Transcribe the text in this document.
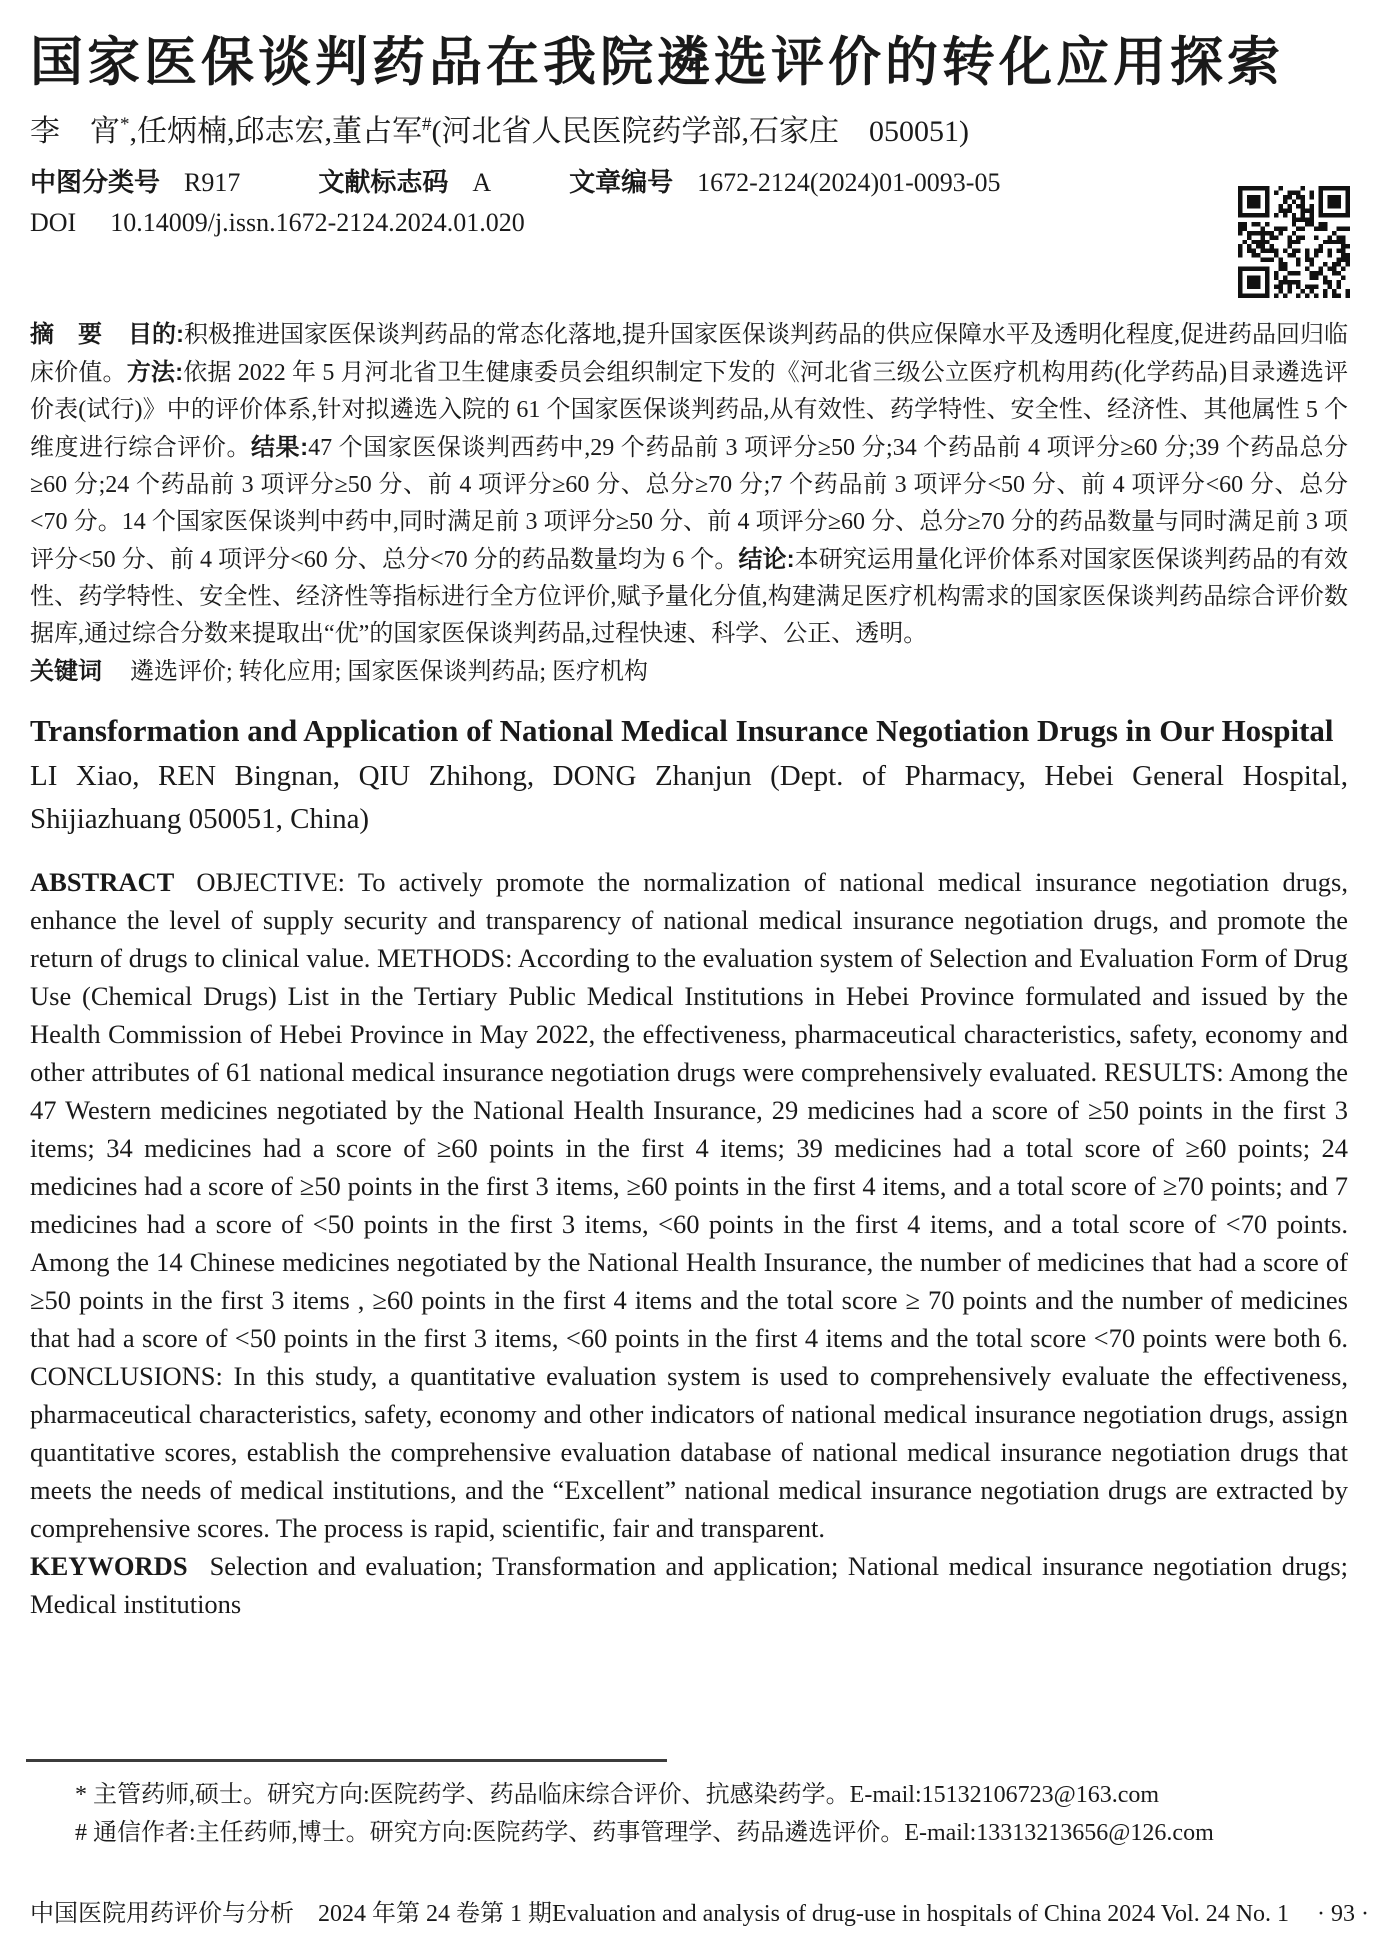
国家医保谈判药品在我院遴选评价的转化应用探索
李　宵*,任炳楠,邱志宏,董占军#(河北省人民医院药学部,石家庄　050051)
中图分类号 R917	文献标志码 A	文章编号 1672-2124(2024)01-0093-05
DOI 10.14009/j.issn.1672-2124.2024.01.020

摘　要 目的:积极推进国家医保谈判药品的常态化落地,提升国家医保谈判药品的供应保障水平及透明化程度,促进药品回归临床价值。方法:依据 2022 年 5 月河北省卫生健康委员会组织制定下发的《河北省三级公立医疗机构用药(化学药品)目录遴选评价表(试行)》中的评价体系,针对拟遴选入院的 61 个国家医保谈判药品,从有效性、药学特性、安全性、经济性、其他属性 5 个维度进行综合评价。结果:47 个国家医保谈判西药中,29 个药品前 3 项评分≥50 分;34 个药品前 4 项评分≥60 分;39 个药品总分≥60 分;24 个药品前 3 项评分≥50 分、前 4 项评分≥60 分、总分≥70 分;7 个药品前 3 项评分<50 分、前 4 项评分<60 分、总分<70 分。14 个国家医保谈判中药中,同时满足前 3 项评分≥50 分、前 4 项评分≥60 分、总分≥70 分的药品数量与同时满足前 3 项评分<50 分、前 4 项评分<60 分、总分<70 分的药品数量均为 6 个。结论:本研究运用量化评价体系对国家医保谈判药品的有效性、药学特性、安全性、经济性等指标进行全方位评价,赋予量化分值,构建满足医疗机构需求的国家医保谈判药品综合评价数据库,通过综合分数来提取出“优”的国家医保谈判药品,过程快速、科学、公正、透明。

关键词 遴选评价; 转化应用; 国家医保谈判药品; 医疗机构

Transformation and Application of National Medical Insurance Negotiation Drugs in Our Hospital
LI Xiao, REN Bingnan, QIU Zhihong, DONG Zhanjun (Dept. of Pharmacy, Hebei General Hospital, Shijiazhuang 050051, China)

ABSTRACT OBJECTIVE: To actively promote the normalization of national medical insurance negotiation drugs, enhance the level of supply security and transparency of national medical insurance negotiation drugs, and promote the return of drugs to clinical value. METHODS: According to the evaluation system of Selection and Evaluation Form of Drug Use (Chemical Drugs) List in the Tertiary Public Medical Institutions in Hebei Province formulated and issued by the Health Commission of Hebei Province in May 2022, the effectiveness, pharmaceutical characteristics, safety, economy and other attributes of 61 national medical insurance negotiation drugs were comprehensively evaluated. RESULTS: Among the 47 Western medicines negotiated by the National Health Insurance, 29 medicines had a score of ≥50 points in the first 3 items; 34 medicines had a score of ≥60 points in the first 4 items; 39 medicines had a total score of ≥60 points; 24 medicines had a score of ≥50 points in the first 3 items, ≥60 points in the first 4 items, and a total score of ≥70 points; and 7 medicines had a score of <50 points in the first 3 items, <60 points in the first 4 items, and a total score of <70 points. Among the 14 Chinese medicines negotiated by the National Health Insurance, the number of medicines that had a score of ≥50 points in the first 3 items , ≥60 points in the first 4 items and the total score ≥ 70 points and the number of medicines that had a score of <50 points in the first 3 items, <60 points in the first 4 items and the total score <70 points were both 6. CONCLUSIONS: In this study, a quantitative evaluation system is used to comprehensively evaluate the effectiveness, pharmaceutical characteristics, safety, economy and other indicators of national medical insurance negotiation drugs, assign quantitative scores, establish the comprehensive evaluation database of national medical insurance negotiation drugs that meets the needs of medical institutions, and the “Excellent” national medical insurance negotiation drugs are extracted by comprehensive scores. The process is rapid, scientific, fair and transparent.

KEYWORDS Selection and evaluation; Transformation and application; National medical insurance negotiation drugs; Medical institutions

* 主管药师,硕士。研究方向:医院药学、药品临床综合评价、抗感染药学。E-mail:15132106723@163.com

# 通信作者:主任药师,博士。研究方向:医院药学、药事管理学、药品遴选评价。E-mail:13313213656@126.com

中国医院用药评价与分析　2024 年第 24 卷第 1 期 Evaluation and analysis of drug-use in hospitals of China 2024 Vol. 24 No. 1 · 93 ·
